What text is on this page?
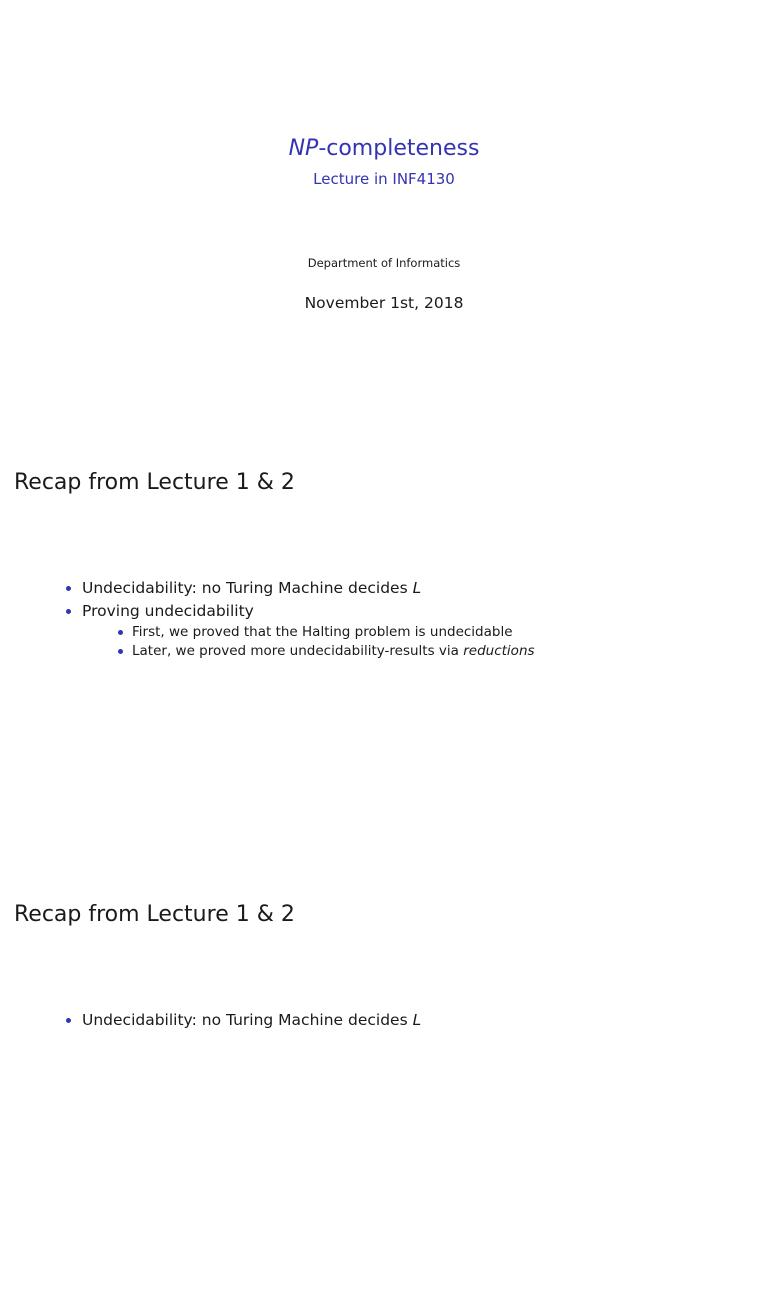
NP-completeness
Lecture in INF4130
Department of Informatics
November 1st, 2018
Recap from Lecture 1 & 2
Undecidability: no Turing Machine decides L
Proving undecidability
First, we proved that the Halting problem is undecidable
Later, we proved more undecidability-results via reductions
Recap from Lecture 1 & 2
Undecidability: no Turing Machine decides L
